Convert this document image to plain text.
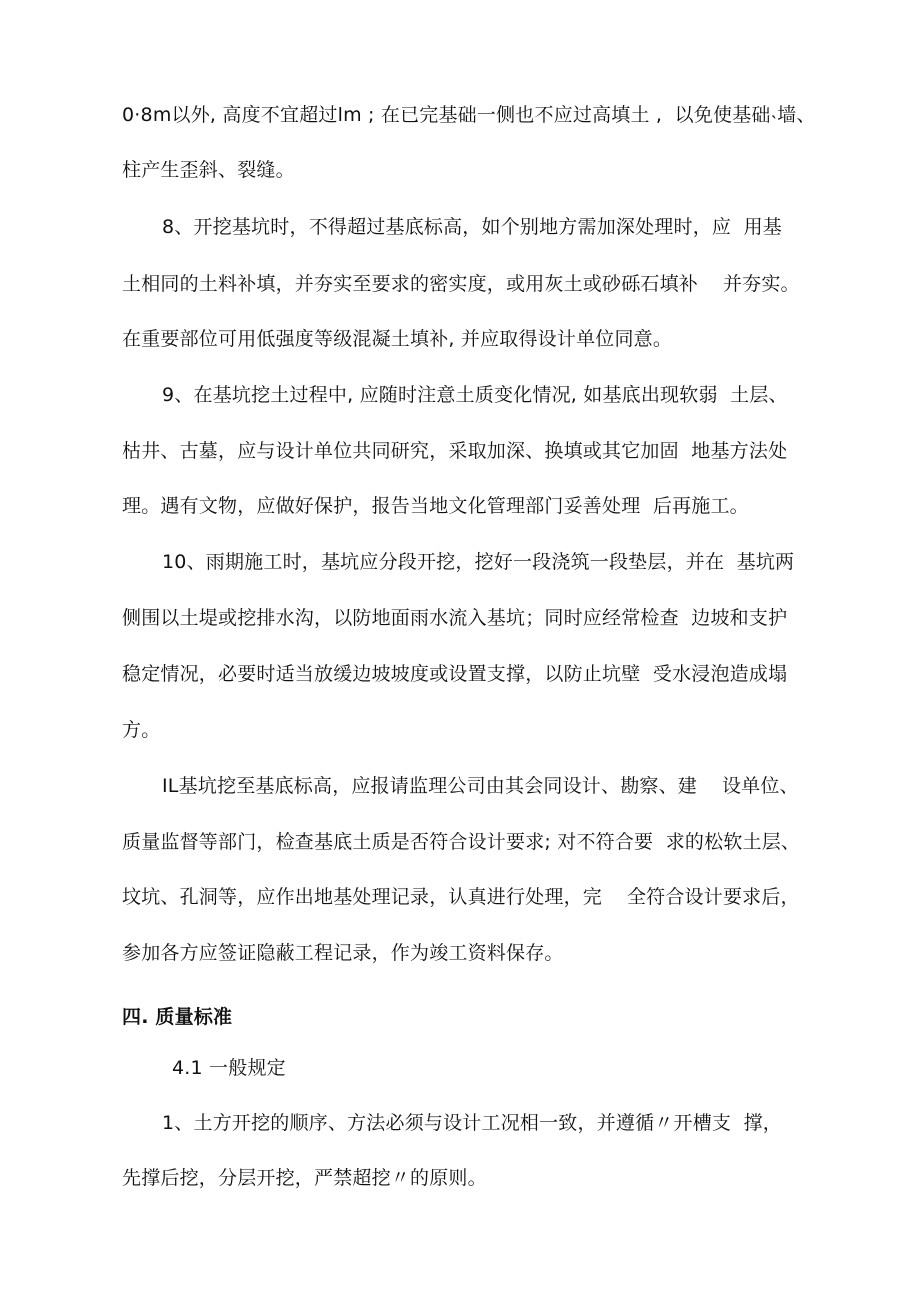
0·8m以外, 高度不宜超过lm ; 在已完基础一侧也不应过高填土 ,  以免使基础˴墙、
柱产生歪斜、裂缝。
8、开挖基坑时，不得超过基底标高，如个别地方需加深处理时，应  用基
土相同的土料补填，并夯实至要求的密实度，或用灰土或砂砾石填补    并夯实。
在重要部位可用低强度等级混凝土填补, 并应取得设计单位同意。
9、在基坑挖土过程中, 应随时注意土质变化情况, 如基底出现软弱  土层、
枯井、古墓，应与设计单位共同研究，采取加深、换填或其它加固  地基方法处
理。遇有文物，应做好保护，报告当地文化管理部门妥善处理  后再施工。
10、雨期施工时，基坑应分段开挖，挖好一段浇筑一段垫层，并在  基坑两
侧围以土堤或挖排水沟，以防地面雨水流入基坑；同时应经常检查  边坡和支护
稳定情况，必要时适当放缓边坡坡度或设置支撑，以防止坑壁  受水浸泡造成塌
方。
IL基坑挖至基底标高，应报请监理公司由其会同设计、勘察、建    设单位、
质量监督等部门，检查基底土质是否符合设计要求; 对不符合要  求的松软土层、
坟坑、孔洞等，应作出地基处理记录，认真进行处理，完    全符合设计要求后，
参加各方应签证隐蔽工程记录，作为竣工资料保存。
四. 质量标准
4.1 一般规定
1、土方开挖的顺序、方法必须与设计工况相一致，并遵循〃开槽支  撑，
先撑后挖，分层开挖，严禁超挖〃的原则。
